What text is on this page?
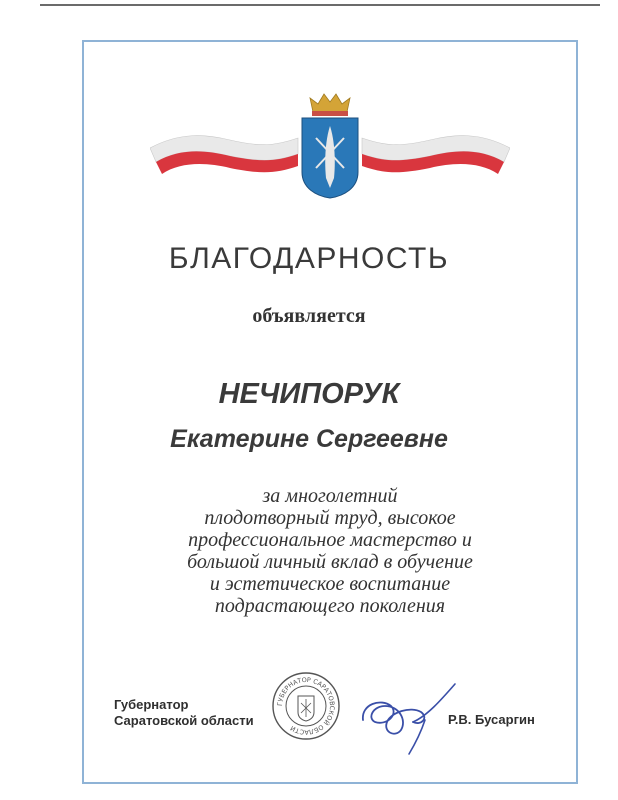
БЛАГОДАРНОСТЬ
объявляется
НЕЧИПОРУК
Екатерине Сергеевне
за многолетний
плодотворный труд, высокое
профессиональное мастерство и
большой личный вклад в обучение
и эстетическое воспитание
подрастающего поколения
Губернатор
Саратовской области
ГУБЕРНАТОР САРАТОВСКОЙ ОБЛАСТИ
Р.В. Бусаргин
